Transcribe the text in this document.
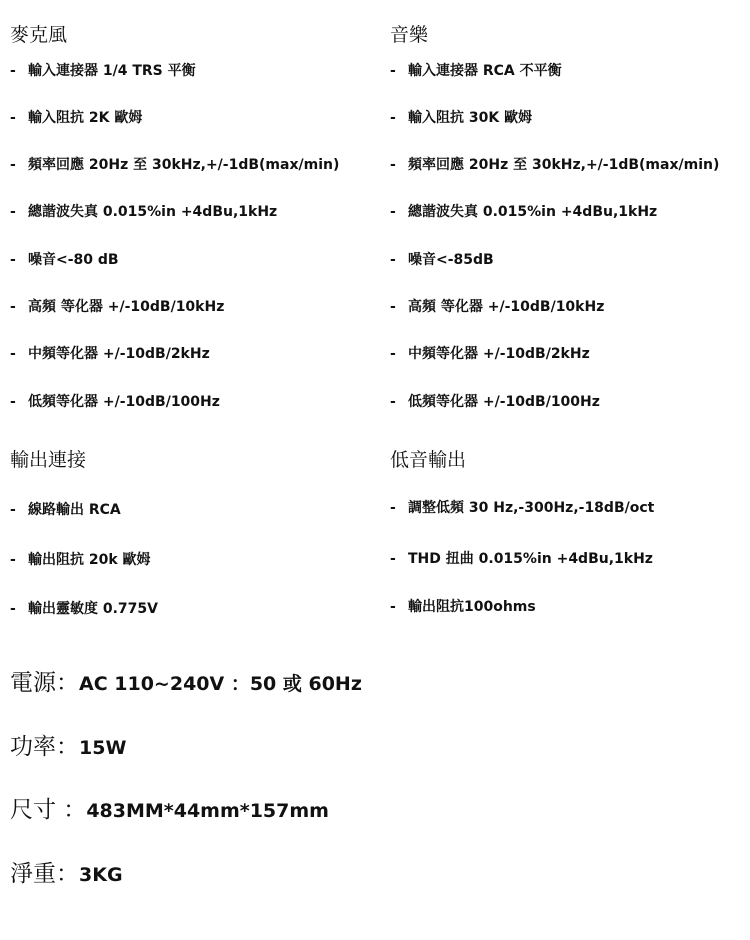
麥克風
- 輸入連接器 1/4 TRS 平衡
- 輸入阻抗 2K 歐姆
- 頻率回應 20Hz 至 30kHz,+/-1dB(max/min)
- 總諧波失真 0.015%in +4dBu,1kHz
- 噪音<-80 dB
- 高頻 等化器 +/-10dB/10kHz
- 中頻等化器 +/-10dB/2kHz
- 低頻等化器 +/-10dB/100Hz
輸出連接
- 線路輸出 RCA
- 輸出阻抗 20k 歐姆
- 輸出靈敏度 0.775V
音樂
- 輸入連接器 RCA 不平衡
- 輸入阻抗 30K 歐姆
- 頻率回應 20Hz 至 30kHz,+/-1dB(max/min)
- 總諧波失真 0.015%in +4dBu,1kHz
- 噪音<-85dB
- 高頻 等化器 +/-10dB/10kHz
- 中頻等化器 +/-10dB/2kHz
- 低頻等化器 +/-10dB/100Hz
低音輸出
- 調整低頻 30 Hz,-300Hz,-18dB/oct
- THD 扭曲 0.015%in +4dBu,1kHz
- 輸出阻抗100ohms
電源：AC 110~240V ：50 或 60Hz
功率：15W
尺寸 ：483MM*44mm*157mm
淨重：3KG
